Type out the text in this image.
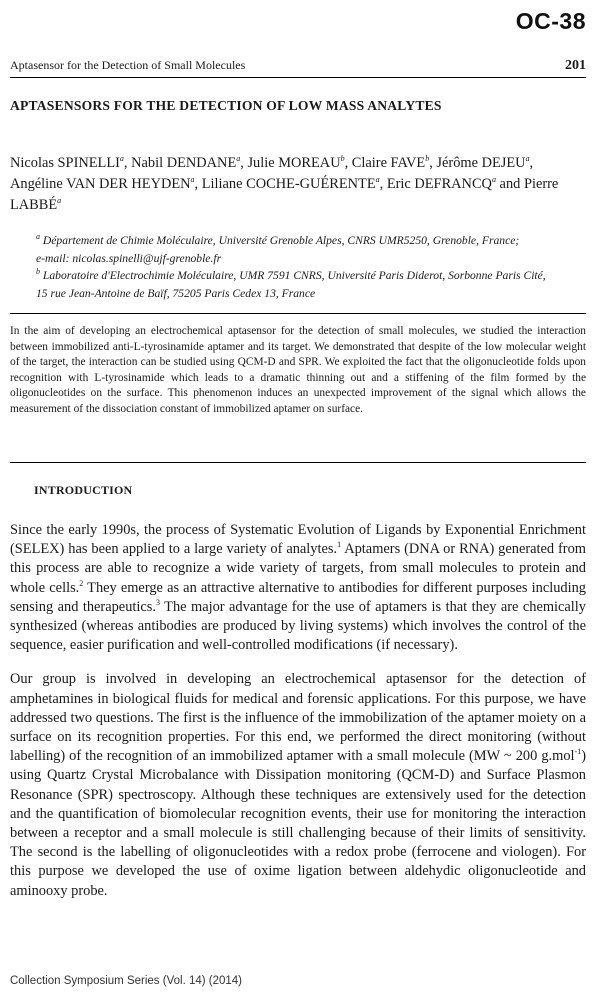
OC-38
Aptasensor for the Detection of Small Molecules	201
APTASENSORS FOR THE DETECTION OF LOW MASS ANALYTES
Nicolas SPINELLI$^a$, Nabil DENDANE$^a$, Julie MOREAU$^b$, Claire FAVE$^b$, Jérôme DEJEU$^a$, Angéline VAN DER HEYDEN$^a$, Liliane COCHE-GUÉRENTE$^a$, Eric DEFRANCQ$^a$ and Pierre LABBÉ$^a$
$^a$ Département de Chimie Moléculaire, Université Grenoble Alpes, CNRS UMR5250, Grenoble, France;
e-mail: nicolas.spinelli@ujf-grenoble.fr
$^b$ Laboratoire d'Electrochimie Moléculaire, UMR 7591 CNRS, Université Paris Diderot, Sorbonne Paris Cité,
15 rue Jean-Antoine de Baïf, 75205 Paris Cedex 13, France
In the aim of developing an electrochemical aptasensor for the detection of small molecules, we studied the interaction between immobilized anti-L-tyrosinamide aptamer and its target. We demonstrated that despite of the low molecular weight of the target, the interaction can be studied using QCM-D and SPR. We exploited the fact that the oligonucleotide folds upon recognition with L-tyrosinamide which leads to a dramatic thinning out and a stiffening of the film formed by the oligonucleotides on the surface. This phenomenon induces an unexpected improvement of the signal which allows the measurement of the dissociation constant of immobilized aptamer on surface.
INTRODUCTION

Since the early 1990s, the process of Systematic Evolution of Ligands by Exponential Enrichment (SELEX) has been applied to a large variety of analytes.$^1$ Aptamers (DNA or RNA) generated from this process are able to recognize a wide variety of targets, from small molecules to protein and whole cells.$^2$ They emerge as an attractive alternative to antibodies for different purposes including sensing and therapeutics.$^3$ The major advantage for the use of aptamers is that they are chemically synthesized (whereas antibodies are produced by living systems) which involves the control of the sequence, easier purification and well-controlled modifications (if necessary).

Our group is involved in developing an electrochemical aptasensor for the detection of amphetamines in biological fluids for medical and forensic applications. For this purpose, we have addressed two questions. The first is the influence of the immobilization of the aptamer moiety on a surface on its recognition properties. For this end, we performed the direct monitoring (without labelling) of the recognition of an immobilized aptamer with a small molecule (MW ~ 200 g.mol$^{-1}$) using Quartz Crystal Microbalance with Dissipation monitoring (QCM-D) and Surface Plasmon Resonance (SPR) spectroscopy. Although these techniques are extensively used for the detection and the quantification of biomolecular recognition events, their use for monitoring the interaction between a receptor and a small molecule is still challenging because of their limits of sensitivity. The second is the labelling of oligonucleotides with a redox probe (ferrocene and viologen). For this purpose we developed the use of oxime ligation between aldehydic oligonucleotide and aminooxy probe.

Collection Symposium Series (Vol. 14) (2014)
